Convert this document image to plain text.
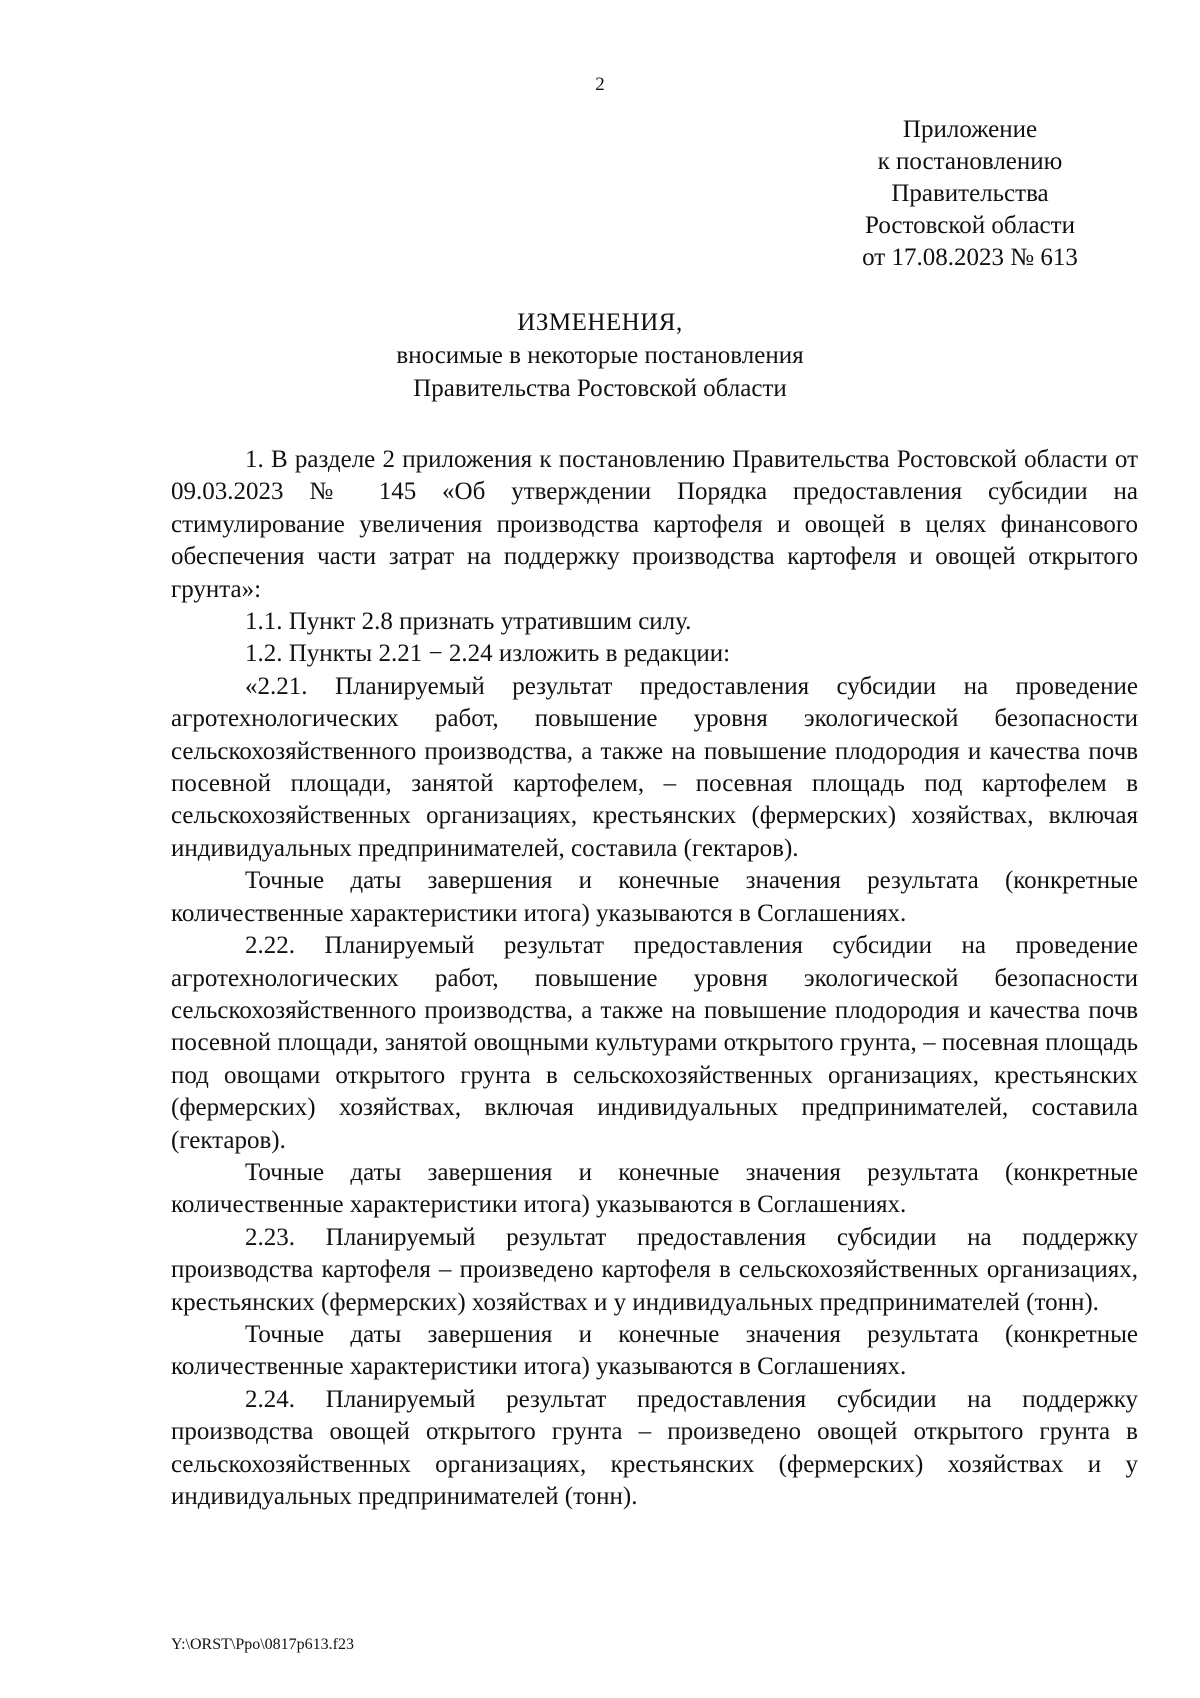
2
Приложение
к постановлению
Правительства
Ростовской области
от 17.08.2023 № 613
ИЗМЕНЕНИЯ,
вносимые в некоторые постановления
Правительства Ростовской области

1. В разделе 2 приложения к постановлению Правительства Ростовской области от 09.03.2023 № 145 «Об утверждении Порядка предоставления субсидии на стимулирование увеличения производства картофеля и овощей в целях финансового обеспечения части затрат на поддержку производства картофеля и овощей открытого грунта»:

1.1. Пункт 2.8 признать утратившим силу.

1.2. Пункты 2.21 − 2.24 изложить в редакции:

«2.21. Планируемый результат предоставления субсидии на проведение агротехнологических работ, повышение уровня экологической безопасности сельскохозяйственного производства, а также на повышение плодородия и качества почв посевной площади, занятой картофелем, – посевная площадь под картофелем в сельскохозяйственных организациях, крестьянских (фермерских) хозяйствах, включая индивидуальных предпринимателей, составила (гектаров).

Точные даты завершения и конечные значения результата (конкретные количественные характеристики итога) указываются в Соглашениях.

2.22. Планируемый результат предоставления субсидии на проведение агротехнологических работ, повышение уровня экологической безопасности сельскохозяйственного производства, а также на повышение плодородия и качества почв посевной площади, занятой овощными культурами открытого грунта, – посевная площадь под овощами открытого грунта в сельскохозяйственных организациях, крестьянских (фермерских) хозяйствах, включая индивидуальных предпринимателей, составила (гектаров).

Точные даты завершения и конечные значения результата (конкретные количественные характеристики итога) указываются в Соглашениях.

2.23. Планируемый результат предоставления субсидии на поддержку производства картофеля – произведено картофеля в сельскохозяйственных организациях, крестьянских (фермерских) хозяйствах и у индивидуальных предпринимателей (тонн).

Точные даты завершения и конечные значения результата (конкретные количественные характеристики итога) указываются в Соглашениях.

2.24. Планируемый результат предоставления субсидии на поддержку производства овощей открытого грунта – произведено овощей открытого грунта в сельскохозяйственных организациях, крестьянских (фермерских) хозяйствах и у индивидуальных предпринимателей (тонн).

Y:\ORST\Ppo\0817p613.f23
